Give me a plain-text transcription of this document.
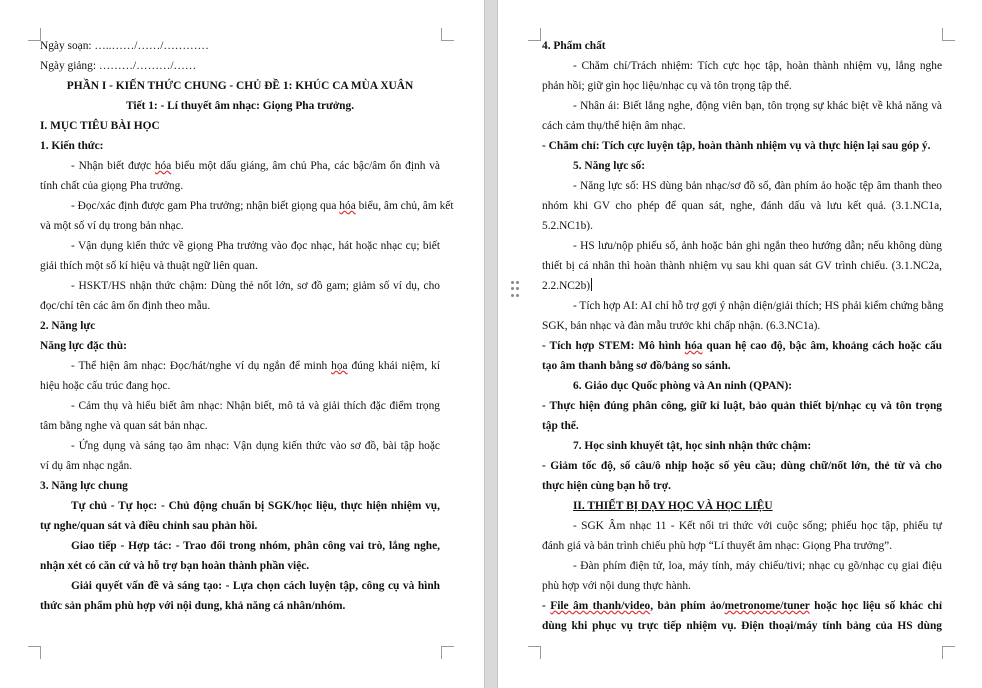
Ngày soạn: …..……/……/…………
Ngày giảng: ………/………/……
PHẦN I - KIẾN THỨC CHUNG - CHỦ ĐỀ 1: KHÚC CA MÙA XUÂN
Tiết 1: - Lí thuyết âm nhạc: Giọng Pha trưởng.
I. MỤC TIÊU BÀI HỌC
1. Kiến thức:
- Nhận biết được hóa biểu một dấu giáng, âm chủ Pha, các bậc/âm ổn định và
tính chất của giọng Pha trưởng.
- Đọc/xác định được gam Pha trưởng; nhận biết giọng qua hóa biểu, âm chủ, âm kết
và một số ví dụ trong bản nhạc.
- Vận dụng kiến thức về giọng Pha trưởng vào đọc nhạc, hát hoặc nhạc cụ; biết
giải thích một số kí hiệu và thuật ngữ liên quan.
- HSKT/HS nhận thức chậm: Dùng thẻ nốt lớn, sơ đồ gam; giảm số ví dụ, cho
đọc/chỉ tên các âm ổn định theo mẫu.
2. Năng lực
Năng lực đặc thù:
- Thể hiện âm nhạc: Đọc/hát/nghe ví dụ ngắn để minh họa đúng khái niệm, kí
hiệu hoặc cấu trúc đang học.
- Cảm thụ và hiểu biết âm nhạc: Nhận biết, mô tả và giải thích đặc điểm trọng
tâm bằng nghe và quan sát bản nhạc.
- Ứng dụng và sáng tạo âm nhạc: Vận dụng kiến thức vào sơ đồ, bài tập hoặc
ví dụ âm nhạc ngắn.
3. Năng lực chung
Tự chủ - Tự học: - Chủ động chuẩn bị SGK/học liệu, thực hiện nhiệm vụ,
tự nghe/quan sát và điều chỉnh sau phản hồi.
Giao tiếp - Hợp tác: - Trao đổi trong nhóm, phân công vai trò, lắng nghe,
nhận xét có căn cứ và hỗ trợ bạn hoàn thành phần việc.
Giải quyết vấn đề và sáng tạo: - Lựa chọn cách luyện tập, công cụ và hình
thức sản phẩm phù hợp với nội dung, khả năng cá nhân/nhóm.
4. Phẩm chất
- Chăm chỉ/Trách nhiệm: Tích cực học tập, hoàn thành nhiệm vụ, lắng nghe
phản hồi; giữ gìn học liệu/nhạc cụ và tôn trọng tập thể.
- Nhân ái: Biết lắng nghe, động viên bạn, tôn trọng sự khác biệt về khả năng và
cách cảm thụ/thể hiện âm nhạc.
- Chăm chỉ: Tích cực luyện tập, hoàn thành nhiệm vụ và thực hiện lại sau góp ý.
5. Năng lực số:
- Năng lực số: HS dùng bản nhạc/sơ đồ số, đàn phím ảo hoặc tệp âm thanh theo
nhóm khi GV cho phép để quan sát, nghe, đánh dấu và lưu kết quả. (3.1.NC1a,
5.2.NC1b).
- HS lưu/nộp phiếu số, ảnh hoặc bản ghi ngắn theo hướng dẫn; nếu không dùng
thiết bị cá nhân thì hoàn thành nhiệm vụ sau khi quan sát GV trình chiếu. (3.1.NC2a,
2.2.NC2b)
- Tích hợp AI: AI chỉ hỗ trợ gợi ý nhận diện/giải thích; HS phải kiểm chứng bằng
SGK, bản nhạc và đàn mẫu trước khi chấp nhận. (6.3.NC1a).
- Tích hợp STEM: Mô hình hóa quan hệ cao độ, bậc âm, khoảng cách hoặc cấu
tạo âm thanh bằng sơ đồ/bảng so sánh.
6. Giáo dục Quốc phòng và An ninh (QPAN):
- Thực hiện đúng phân công, giữ kỉ luật, bảo quản thiết bị/nhạc cụ và tôn trọng
tập thể.
7. Học sinh khuyết tật, học sinh nhận thức chậm:
- Giảm tốc độ, số câu/ô nhịp hoặc số yêu cầu; dùng chữ/nốt lớn, thẻ từ và cho
thực hiện cùng bạn hỗ trợ.
II. THIẾT BỊ DẠY HỌC VÀ HỌC LIỆU
- SGK Âm nhạc 11 - Kết nối tri thức với cuộc sống; phiếu học tập, phiếu tự
đánh giá và bản trình chiếu phù hợp “Lí thuyết âm nhạc: Giọng Pha trưởng”.
- Đàn phím điện tử, loa, máy tính, máy chiếu/tivi; nhạc cụ gõ/nhạc cụ giai điệu
phù hợp với nội dung thực hành.
- File âm thanh/video, bản phím ảo/metronome/tuner hoặc học liệu số khác chỉ
dùng khi phục vụ trực tiếp nhiệm vụ. Điện thoại/máy tính bảng của HS dùng
